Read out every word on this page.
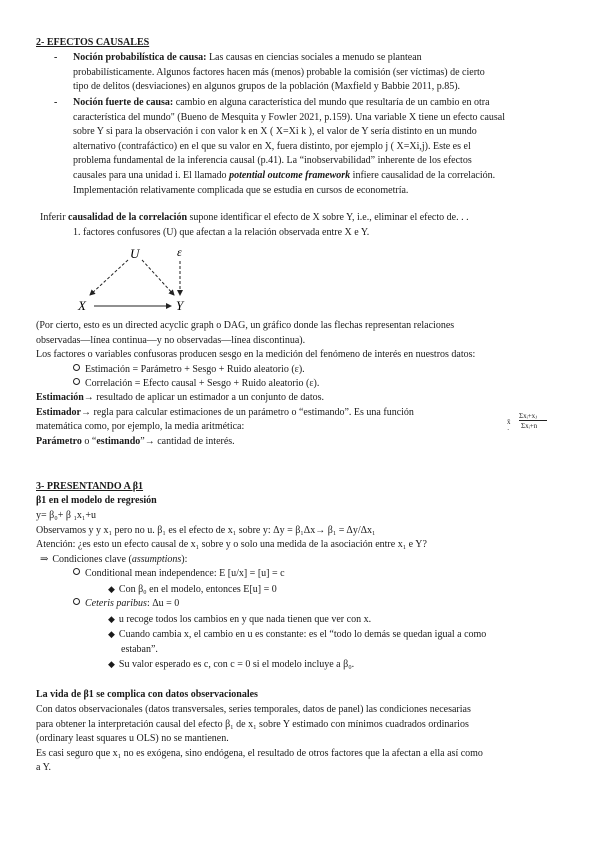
2- EFECTOS CAUSALES
- Noción probabilística de causa: Las causas en ciencias sociales a menudo se plantean

probabilísticamente. Algunos factores hacen más (menos) probable la comisión (ser víctimas) de cierto

tipo de delitos (desviaciones) en algunos grupos de la población (Maxfield y Babbie 2011, p.85).

- Noción fuerte de causa: cambio en alguna característica del mundo que resultaría de un cambio en otra

característica del mundo" (Bueno de Mesquita y Fowler 2021, p.159). Una variable X tiene un efecto causal

sobre Y si para la observación i con valor k en X ( X=Xi k ), el valor de Y sería distinto en un mundo

alternativo (contrafáctico) en el que su valor en X, fuera distinto, por ejemplo j ( X=Xi,j). Este es el

problema fundamental de la inferencia causal (p.41). La “inobservabilidad” inherente de los efectos

causales para una unidad i. El llamado potential outcome framework infiere causalidad de la correlación.

Implementación relativamente complicada que se estudia en cursos de econometría.

Inferir causalidad de la correlación supone identificar el efecto de X sobre Y, i.e., eliminar el efecto de. . .
1. factores confusores (U) que afectan a la relación observada entre X e Y.
U	ε
X	Y

(Por cierto, esto es un directed acyclic graph o DAG, un gráfico donde las flechas representan relaciones

observadas—línea continua—y no observadas—línea discontinua).

Los factores o variables confusoras producen sesgo en la medición del fenómeno de interés en nuestros datos:

Estimación = Parámetro + Sesgo + Ruido aleatorio (ε).
Correlación = Efecto causal + Sesgo + Ruido aleatorio (ε).

Estimación→ resultado de aplicar un estimador a un conjunto de datos.

Estimador→ regla para calcular estimaciones de un parámetro o “estimando”. Es una función

matemática como, por ejemplo, la media aritmética:

Parámetro o “estimando”→ cantidad de interés.

x̄ ·
Σxᵢ+xⱼ
Σxᵢ+n
3- PRESENTANDO A β1
β1 en el modelo de regresión

y= β₀+ β ₁x₁+u

Observamos y y x₁ pero no u. β₁ es el efecto de x₁ sobre y: Δy = β₁Δx→ β₁ = Δy/Δx₁

Atención: ¿es esto un efecto causal de x₁ sobre y o solo una medida de la asociación entre x₁ e Y?

⇒ Condiciones clave (assumptions):
Conditional mean independence: E [u/x] = [u] = c
◆ Con β₀ en el modelo, entonces E[u] = 0
Ceteris paribus: Δu = 0
◆ u recoge todos los cambios en y que nada tienen que ver con x.

◆ Cuando cambia x, el cambio en u es constante: es el “todo lo demás se quedan igual a como

estaban”.

◆ Su valor esperado es c, con c = 0 si el modelo incluye a β₀.
La vida de β1 se complica con datos observacionales

Con datos observacionales (datos transversales, series temporales, datos de panel) las condiciones necesarias

para obtener la interpretación causal del efecto β₁ de x₁ sobre Y estimado con mínimos cuadrados ordinarios

(ordinary least squares u OLS) no se mantienen.

Es casi seguro que x₁ no es exógena, sino endógena, el resultado de otros factores que la afectan a ella así como

a Y.
